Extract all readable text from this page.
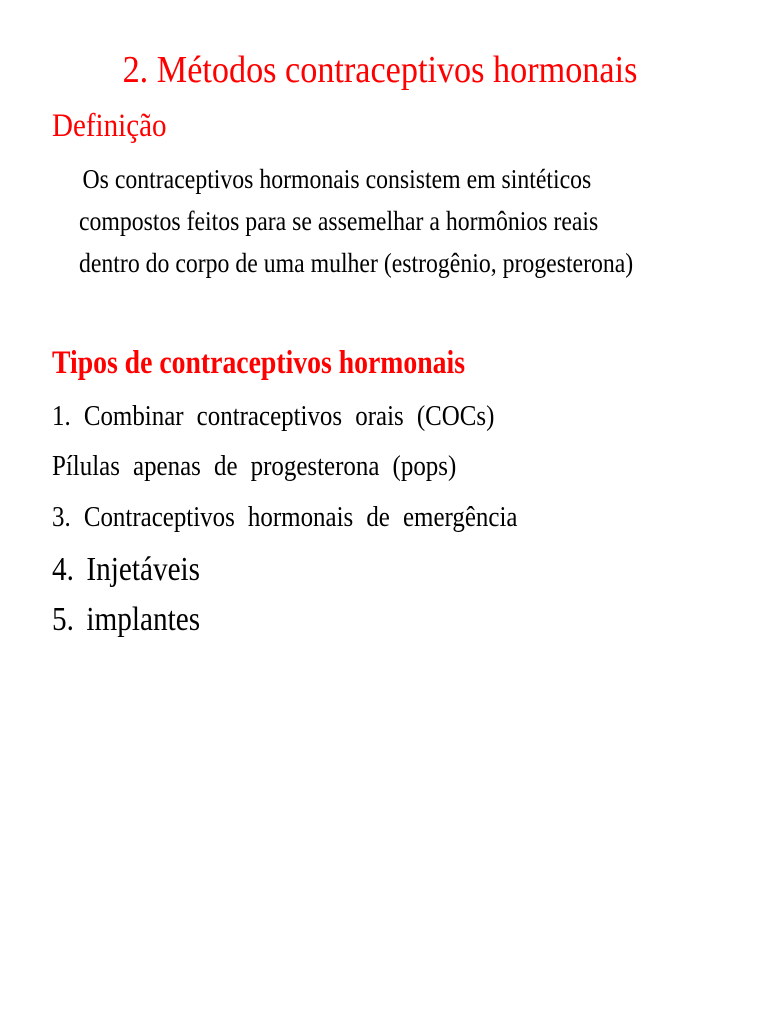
2. Métodos contraceptivos hormonais
Definição
Os contraceptivos hormonais consistem em sintéticos
compostos feitos para se assemelhar a hormônios reais
dentro do corpo de uma mulher (estrogênio, progesterona)
Tipos de contraceptivos hormonais
1. Combinar contraceptivos orais (COCs)
Pílulas apenas de progesterona (pops)
3. Contraceptivos hormonais de emergência
4. Injetáveis
5. implantes
